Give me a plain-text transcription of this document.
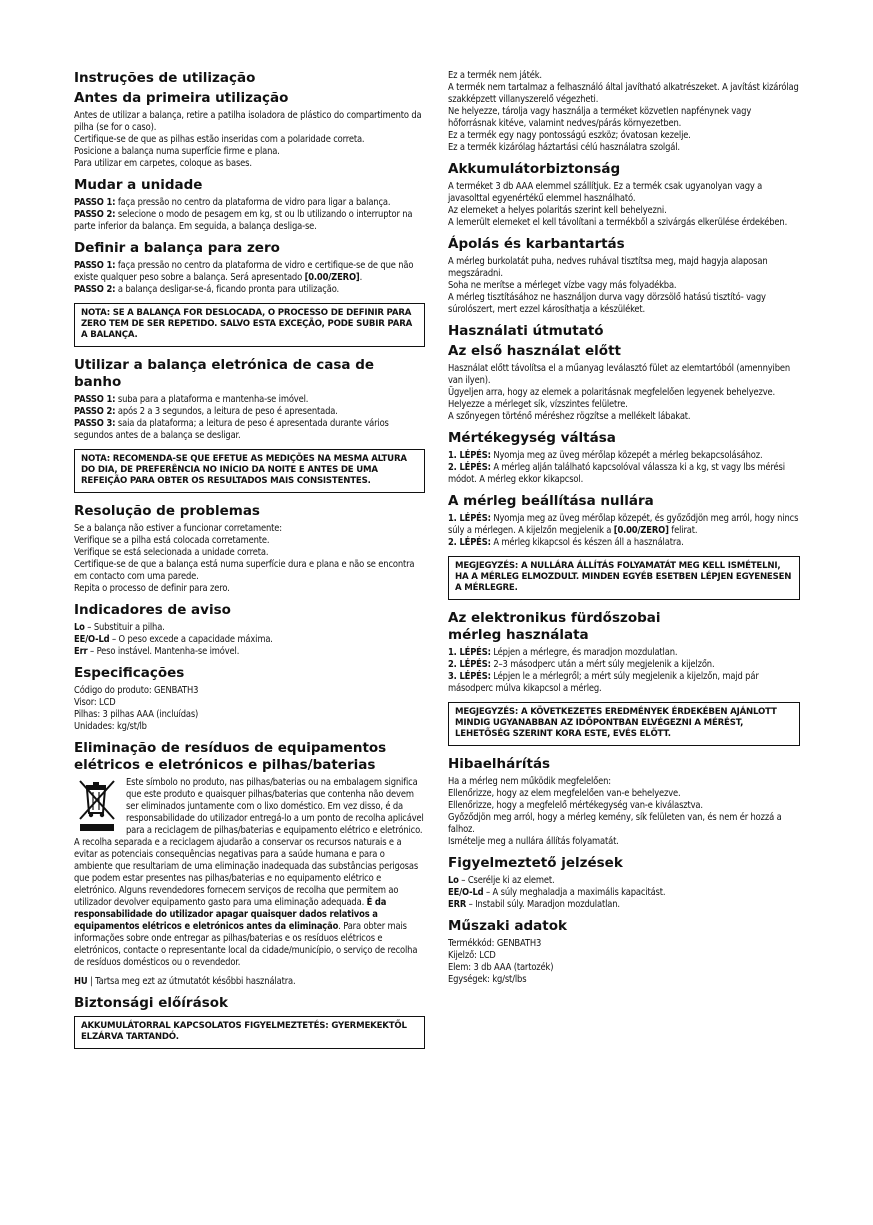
Instruções de utilização
Antes da primeira utilização

Antes de utilizar a balança, retire a patilha isoladora de plástico do compartimento da pilha (se for o caso).
Certifique-se de que as pilhas estão inseridas com a polaridade correta.
Posicione a balança numa superfície firme e plana.
Para utilizar em carpetes, coloque as bases.

Mudar a unidade

PASSO 1: faça pressão no centro da plataforma de vidro para ligar a balança.
PASSO 2: selecione o modo de pesagem em kg, st ou lb utilizando o interruptor na parte inferior da balança. Em seguida, a balança desliga-se.

Definir a balança para zero

PASSO 1: faça pressão no centro da plataforma de vidro e certifique-se de que não existe qualquer peso sobre a balança. Será apresentado [0.00/ZERO].
PASSO 2: a balança desligar-se-á, ficando pronta para utilização.

NOTA: SE A BALANÇA FOR DESLOCADA, O PROCESSO DE DEFINIR PARA ZERO TEM DE SER REPETIDO. SALVO ESTA EXCEÇÃO, PODE SUBIR PARA A BALANÇA.
Utilizar a balança eletrónica de casa de banho

PASSO 1: suba para a plataforma e mantenha-se imóvel.
PASSO 2: após 2 a 3 segundos, a leitura de peso é apresentada.
PASSO 3: saia da plataforma; a leitura de peso é apresentada durante vários segundos antes de a balança se desligar.

NOTA: RECOMENDA-SE QUE EFETUE AS MEDIÇÕES NA MESMA ALTURA DO DIA, DE PREFERÊNCIA NO INÍCIO DA NOITE E ANTES DE UMA REFEIÇÃO PARA OBTER OS RESULTADOS MAIS CONSISTENTES.
Resolução de problemas

Se a balança não estiver a funcionar corretamente:
Verifique se a pilha está colocada corretamente.
Verifique se está selecionada a unidade correta.
Certifique-se de que a balança está numa superfície dura e plana e não se encontra em contacto com uma parede.
Repita o processo de definir para zero.

Indicadores de aviso

Lo – Substituir a pilha.
EE/O-Ld – O peso excede a capacidade máxima.
Err – Peso instável. Mantenha-se imóvel.

Especificações

Código do produto: GENBATH3
Visor: LCD
Pilhas: 3 pilhas AAA (incluídas)
Unidades: kg/st/lb

Eliminação de resíduos de equipamentos elétricos e eletrónicos e pilhas/baterias

Este símbolo no produto, nas pilhas/baterias ou na embalagem significa que este produto e quaisquer pilhas/baterias que contenha não devem ser eliminados juntamente com o lixo doméstico. Em vez disso, é da responsabilidade do utilizador entregá-lo a um ponto de recolha aplicável para a reciclagem de pilhas/baterias e equipamento elétrico e eletrónico. A recolha separada e a reciclagem ajudarão a conservar os recursos naturais e a evitar as potenciais consequências negativas para a saúde humana e para o ambiente que resultariam de uma eliminação inadequada das substâncias perigosas que podem estar presentes nas pilhas/baterias e no equipamento elétrico e eletrónico. Alguns revendedores fornecem serviços de recolha que permitem ao utilizador devolver equipamento gasto para uma eliminação adequada. É da responsabilidade do utilizador apagar quaisquer dados relativos a equipamentos elétricos e eletrónicos antes da eliminação. Para obter mais informações sobre onde entregar as pilhas/baterias e os resíduos elétricos e eletrónicos, contacte o representante local da cidade/município, o serviço de recolha de resíduos domésticos ou o revendedor.

HU | Tartsa meg ezt az útmutatót későbbi használatra.

Biztonsági előírások
AKKUMULÁTORRAL KAPCSOLATOS FIGYELMEZTETÉS: GYERMEKEKTŐL ELZÁRVA TARTANDÓ.

Ez a termék nem játék.
A termék nem tartalmaz a felhasználó által javítható alkatrészeket. A javítást kizárólag szakképzett villanyszerelő végezheti.
Ne helyezze, tárolja vagy használja a terméket közvetlen napfénynek vagy hőforrásnak kitéve, valamint nedves/párás környezetben.
Ez a termék egy nagy pontosságú eszköz; óvatosan kezelje.
Ez a termék kizárólag háztartási célú használatra szolgál.

Akkumulátorbiztonság

A terméket 3 db AAA elemmel szállítjuk. Ez a termék csak ugyanolyan vagy a javasolttal egyenértékű elemmel használható.
Az elemeket a helyes polaritás szerint kell behelyezni.
A lemerült elemeket el kell távolítani a termékből a szivárgás elkerülése érdekében.

Ápolás és karbantartás

A mérleg burkolatát puha, nedves ruhával tisztítsa meg, majd hagyja alaposan megszáradni.
Soha ne merítse a mérleget vízbe vagy más folyadékba.
A mérleg tisztításához ne használjon durva vagy dörzsölő hatású tisztító- vagy súrolószert, mert ezzel károsíthatja a készüléket.

Használati útmutató
Az első használat előtt

Használat előtt távolítsa el a műanyag leválasztó fület az elemtartóból (amennyiben van ilyen).
Ügyeljen arra, hogy az elemek a polaritásnak megfelelően legyenek behelyezve.
Helyezze a mérleget sík, vízszintes felületre.
A szőnyegen történő méréshez rögzítse a mellékelt lábakat.

Mértékegység váltása

1. LÉPÉS: Nyomja meg az üveg mérőlap közepét a mérleg bekapcsolásához.
2. LÉPÉS: A mérleg alján található kapcsolóval válassza ki a kg, st vagy lbs mérési módot. A mérleg ekkor kikapcsol.

A mérleg beállítása nullára

1. LÉPÉS: Nyomja meg az üveg mérőlap közepét, és győződjön meg arról, hogy nincs súly a mérlegen. A kijelzőn megjelenik a [0.00/ZERO] felirat.
2. LÉPÉS: A mérleg kikapcsol és készen áll a használatra.

MEGJEGYZÉS: A NULLÁRA ÁLLÍTÁS FOLYAMATÁT MEG KELL ISMÉTELNI, HA A MÉRLEG ELMOZDULT. MINDEN EGYÉB ESETBEN LÉPJEN EGYENESEN A MÉRLEGRE.
Az elektronikus fürdőszobai mérleg használata

1. LÉPÉS: Lépjen a mérlegre, és maradjon mozdulatlan.
2. LÉPÉS: 2–3 másodperc után a mért súly megjelenik a kijelzőn.
3. LÉPÉS: Lépjen le a mérlegről; a mért súly megjelenik a kijelzőn, majd pár másodperc múlva kikapcsol a mérleg.

MEGJEGYZÉS: A KÖVETKEZETES EREDMÉNYEK ÉRDEKÉBEN AJÁNLOTT MINDIG UGYANABBAN AZ IDŐPONTBAN ELVÉGEZNI A MÉRÉST, LEHETŐSÉG SZERINT KORA ESTE, EVÉS ELŐTT.
Hibaelhárítás

Ha a mérleg nem működik megfelelően:
Ellenőrizze, hogy az elem megfelelően van-e behelyezve.
Ellenőrizze, hogy a megfelelő mértékegység van-e kiválasztva.
Győződjön meg arról, hogy a mérleg kemény, sík felületen van, és nem ér hozzá a falhoz.
Ismételje meg a nullára állítás folyamatát.

Figyelmeztető jelzések

Lo – Cserélje ki az elemet.
EE/O-Ld – A súly meghaladja a maximális kapacitást.
ERR – Instabil súly. Maradjon mozdulatlan.

Műszaki adatok

Termékkód: GENBATH3
Kijelző: LCD
Elem: 3 db AAA (tartozék)
Egységek: kg/st/lbs
